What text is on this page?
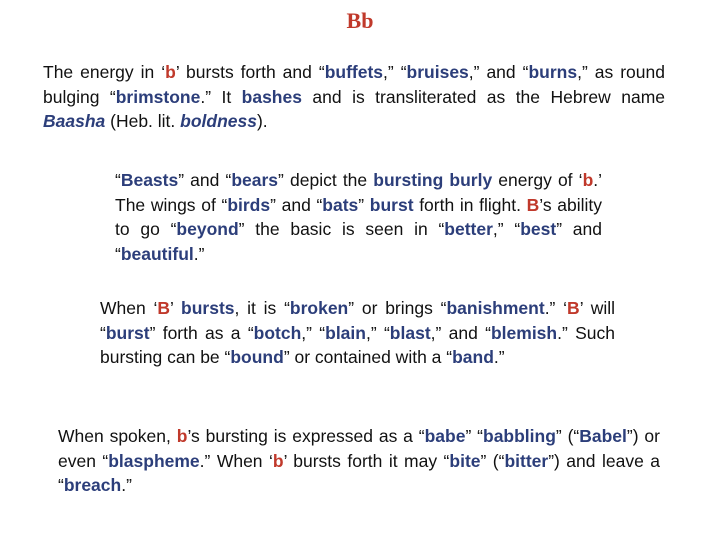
Bb

The energy in ‘b’ bursts forth and “buffets,” “bruises,” and “burns,” as round bulging “brimstone.” It bashes and is transliterated as the Hebrew name Baasha (Heb. lit. boldness).

“Beasts” and “bears” depict the bursting burly energy of ‘b.’ The wings of “birds” and “bats” burst forth in flight. B’s ability to go “beyond” the basic is seen in “better,” “best” and “beautiful.”

When ‘B’ bursts, it is “broken” or brings “banishment.” ‘B’ will “burst” forth as a “botch,” “blain,” “blast,” and “blemish.” Such bursting can be “bound” or contained with a “band.”

When spoken, b’s bursting is expressed as a “babe” “babbling” (“Babel”) or even “blaspheme.” When ‘b’ bursts forth it may “bite” (“bitter”) and leave a “breach.”
